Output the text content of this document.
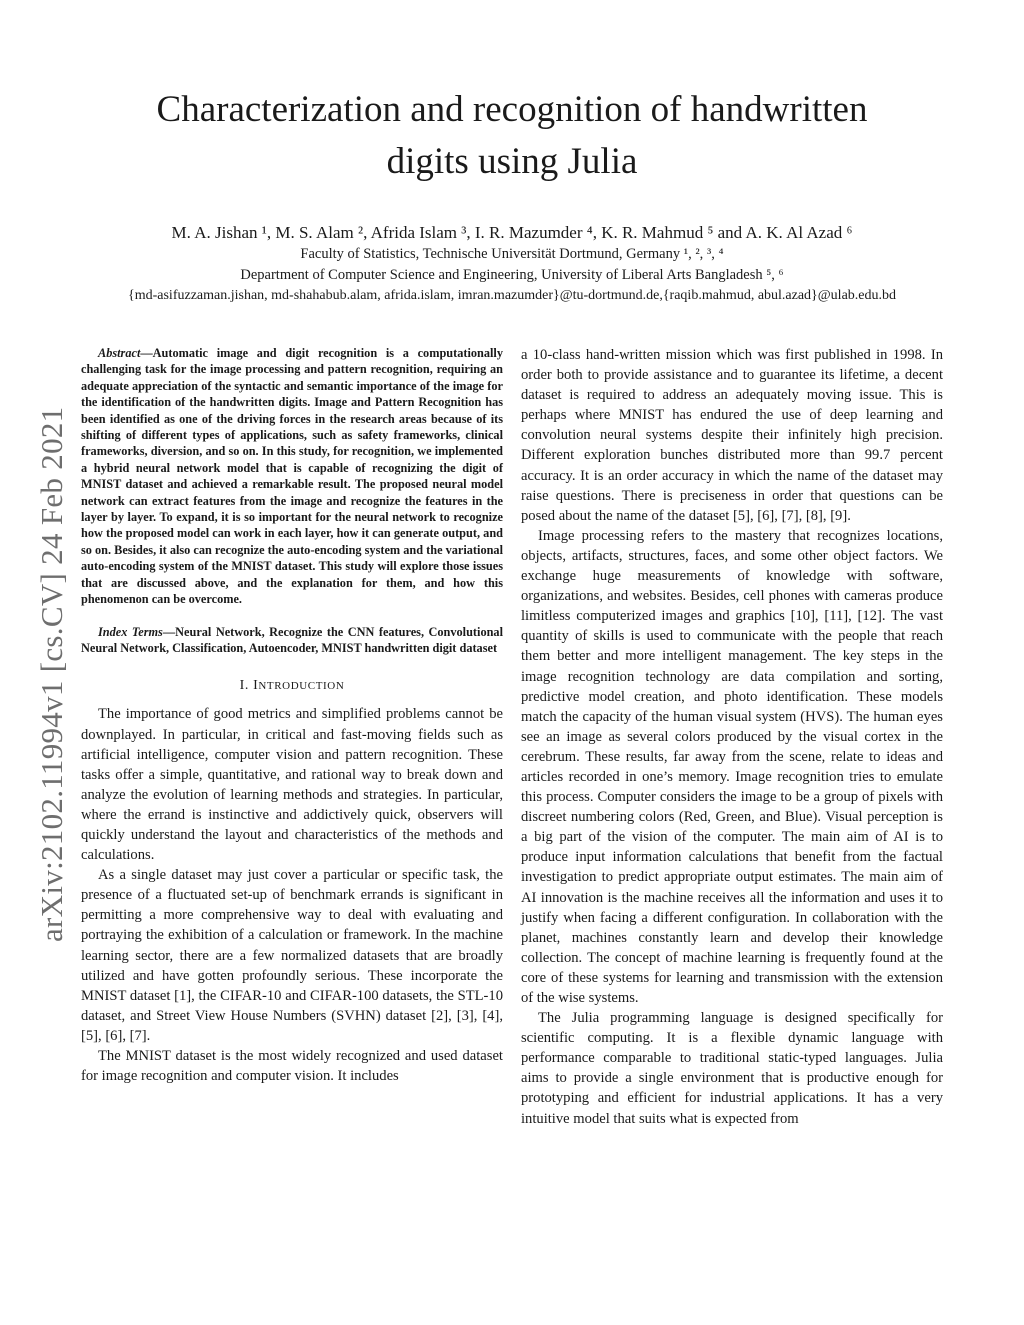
arXiv:2102.11994v1 [cs.CV] 24 Feb 2021
Characterization and recognition of handwritten
digits using Julia
M. A. Jishan ¹, M. S. Alam ², Afrida Islam ³, I. R. Mazumder ⁴, K. R. Mahmud ⁵ and A. K. Al Azad ⁶
Faculty of Statistics, Technische Universität Dortmund, Germany ¹, ², ³, ⁴
Department of Computer Science and Engineering, University of Liberal Arts Bangladesh ⁵, ⁶
{md-asifuzzaman.jishan, md-shahabub.alam, afrida.islam, imran.mazumder}@tu-dortmund.de,{raqib.mahmud, abul.azad}@ulab.edu.bd

Abstract—Automatic image and digit recognition is a computationally challenging task for the image processing and pattern recognition, requiring an adequate appreciation of the syntactic and semantic importance of the image for the identification of the handwritten digits. Image and Pattern Recognition has been identified as one of the driving forces in the research areas because of its shifting of different types of applications, such as safety frameworks, clinical frameworks, diversion, and so on. In this study, for recognition, we implemented a hybrid neural network model that is capable of recognizing the digit of MNIST dataset and achieved a remarkable result. The proposed neural model network can extract features from the image and recognize the features in the layer by layer. To expand, it is so important for the neural network to recognize how the proposed model can work in each layer, how it can generate output, and so on. Besides, it also can recognize the auto-encoding system and the variational auto-encoding system of the MNIST dataset. This study will explore those issues that are discussed above, and the explanation for them, and how this phenomenon can be overcome.

Index Terms—Neural Network, Recognize the CNN features, Convolutional Neural Network, Classification, Autoencoder, MNIST handwritten digit dataset

I. INTRODUCTION

The importance of good metrics and simplified problems cannot be downplayed. In particular, in critical and fast-moving fields such as artificial intelligence, computer vision and pattern recognition. These tasks offer a simple, quantitative, and rational way to break down and analyze the evolution of learning methods and strategies. In particular, where the errand is instinctive and addictively quick, observers will quickly understand the layout and characteristics of the methods and calculations.

As a single dataset may just cover a particular or specific task, the presence of a fluctuated set-up of benchmark errands is significant in permitting a more comprehensive way to deal with evaluating and portraying the exhibition of a calculation or framework. In the machine learning sector, there are a few normalized datasets that are broadly utilized and have gotten profoundly serious. These incorporate the MNIST dataset [1], the CIFAR-10 and CIFAR-100 datasets, the STL-10 dataset, and Street View House Numbers (SVHN) dataset [2], [3], [4], [5], [6], [7].

The MNIST dataset is the most widely recognized and used dataset for image recognition and computer vision. It includes

a 10-class hand-written mission which was first published in 1998. In order both to provide assistance and to guarantee its lifetime, a decent dataset is required to address an adequately moving issue. This is perhaps where MNIST has endured the use of deep learning and convolution neural systems despite their infinitely high precision. Different exploration bunches distributed more than 99.7 percent accuracy. It is an order accuracy in which the name of the dataset may raise questions. There is preciseness in order that questions can be posed about the name of the dataset [5], [6], [7], [8], [9].

Image processing refers to the mastery that recognizes locations, objects, artifacts, structures, faces, and some other object factors. We exchange huge measurements of knowledge with software, organizations, and websites. Besides, cell phones with cameras produce limitless computerized images and graphics [10], [11], [12]. The vast quantity of skills is used to communicate with the people that reach them better and more intelligent management. The key steps in the image recognition technology are data compilation and sorting, predictive model creation, and photo identification. These models match the capacity of the human visual system (HVS). The human eyes see an image as several colors produced by the visual cortex in the cerebrum. These results, far away from the scene, relate to ideas and articles recorded in one’s memory. Image recognition tries to emulate this process. Computer considers the image to be a group of pixels with discreet numbering colors (Red, Green, and Blue). Visual perception is a big part of the vision of the computer. The main aim of AI is to produce input information calculations that benefit from the factual investigation to predict appropriate output estimates. The main aim of AI innovation is the machine receives all the information and uses it to justify when facing a different configuration. In collaboration with the planet, machines constantly learn and develop their knowledge collection. The concept of machine learning is frequently found at the core of these systems for learning and transmission with the extension of the wise systems.

The Julia programming language is designed specifically for scientific computing. It is a flexible dynamic language with performance comparable to traditional static-typed languages. Julia aims to provide a single environment that is productive enough for prototyping and efficient for industrial applications. It has a very intuitive model that suits what is expected from
